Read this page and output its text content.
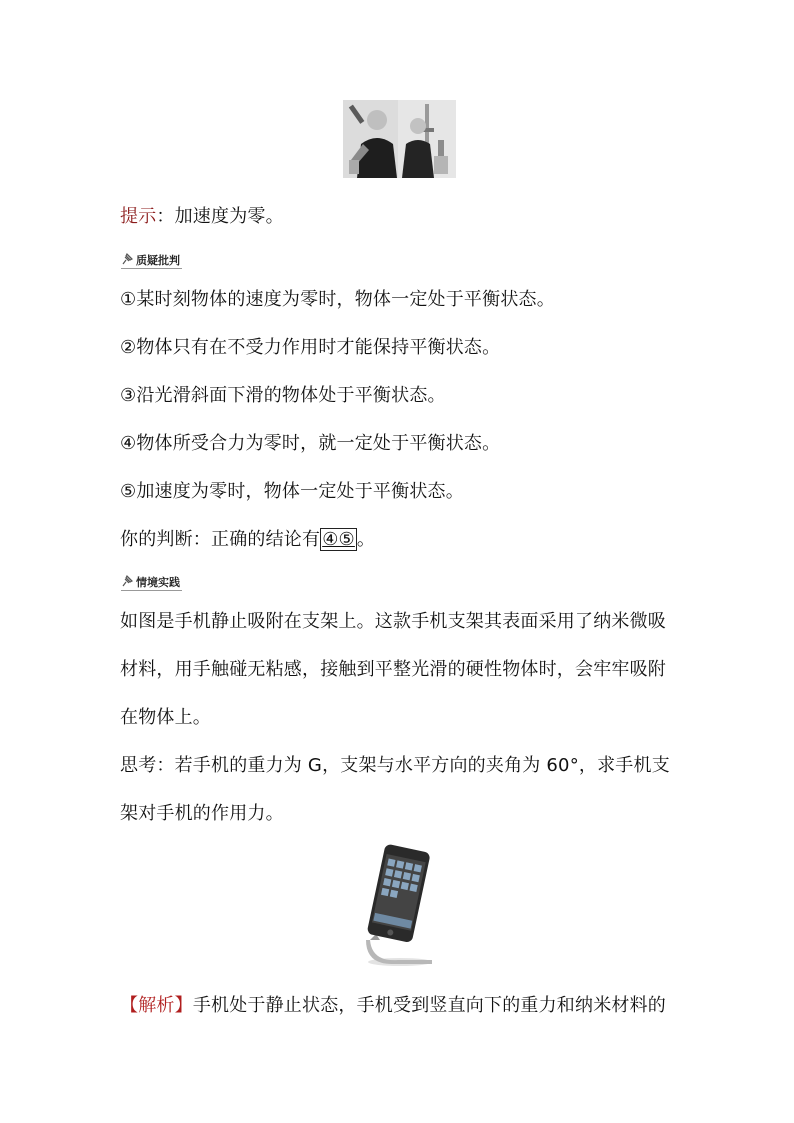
提示：加速度为零。
质疑批判
①某时刻物体的速度为零时，物体一定处于平衡状态。
②物体只有在不受力作用时才能保持平衡状态。
③沿光滑斜面下滑的物体处于平衡状态。
④物体所受合力为零时，就一定处于平衡状态。
⑤加速度为零时，物体一定处于平衡状态。
你的判断：正确的结论有 ④⑤ 。
情境实践
如图是手机静止吸附在支架上。这款手机支架其表面采用了纳米微吸
材料，用手触碰无粘感，接触到平整光滑的硬性物体时，会牢牢吸附
在物体上。
思考：若手机的重力为 G，支架与水平方向的夹角为 60°，求手机支
架对手机的作用力。
【解析】手机处于静止状态，手机受到竖直向下的重力和纳米材料的
